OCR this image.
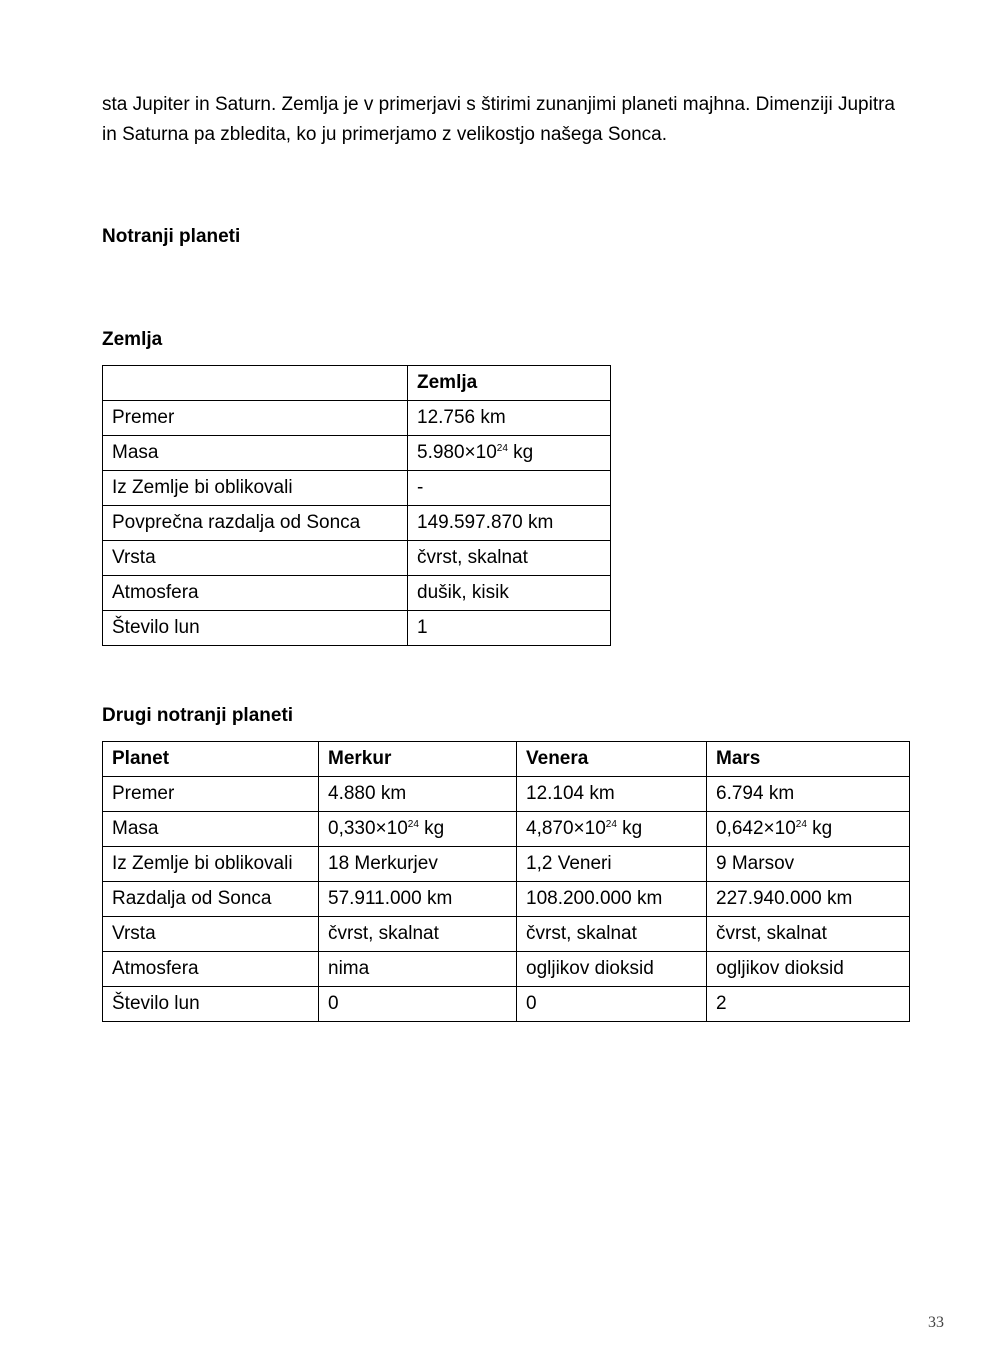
sta Jupiter in Saturn. Zemlja je v primerjavi s štirimi zunanjimi planeti majhna. Dimenziji Jupitra
in Saturna pa zbledita, ko ju primerjamo z velikostjo našega Sonca.

Notranji planeti
Zemlja
	Zemlja
Premer	12.756 km
Masa	$5.980\times 10^{24}$ kg
Iz Zemlje bi oblikovali	-
Povprečna razdalja od Sonca	149.597.870 km
Vrsta	čvrst, skalnat
Atmosfera	dušik, kisik
Število lun	1
Drugi notranji planeti
Planet	Merkur	Venera	Mars
Premer	4.880 km	12.104 km	6.794 km
Masa	$0,330\times 10^{24}$ kg	$4,870\times 10^{24}$ kg	$0,642\times 10^{24}$ kg
Iz Zemlje bi oblikovali	18 Merkurjev	1,2 Veneri	9 Marsov
Razdalja od Sonca	57.911.000 km	108.200.000 km	227.940.000 km
Vrsta	čvrst, skalnat	čvrst, skalnat	čvrst, skalnat
Atmosfera	nima	ogljikov dioksid	ogljikov dioksid
Število lun	0	0	2
33
